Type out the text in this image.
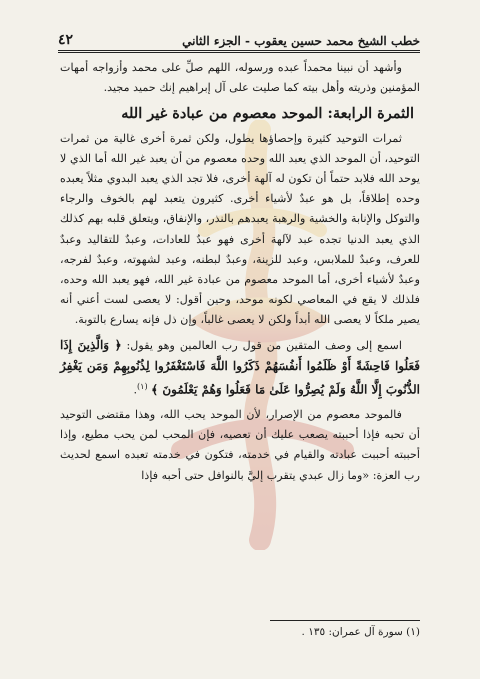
٤٢	خطب الشيخ محمد حسين يعقوب - الجزء الثاني

وأشهد أن نبينا محمداً عبده ورسوله، اللهم صلِّ على محمد وأزواجه أمهات المؤمنين وذريته وأهل بيته كما صليت على آل إبراهيم إنك حميد مجيد.

الثمرة الرابعة: الموحد معصوم من عبادة غير الله

ثمرات التوحيد كثيرة وإحصاؤها يطول، ولكن ثمرة أخرى غالية من ثمرات التوحيد، أن الموحد الذي يعبد الله وحده معصوم من أن يعبد غير الله أما الذي لا يوحد الله فلابد حتماً أن تكون له آلهة أخرى، فلا تجد الذي يعبد البدوي مثلاً يعبده وحده إطلاقاً، بل هو عبدٌ لأشياء أخرى. كثيرون يتعبد لهم بالخوف والرجاء والتوكل والإنابة والخشية والرهبة يعبدهم بالنذر، والإنفاق، ويتعلق قلبه بهم كذلك الذي يعبد الدنيا تجده عبد لآلهة أخرى فهو عبدٌ للعادات، وعبدٌ للتقاليد وعبدٌ للعرف، وعبدٌ للملابس، وعبد للزينة، وعبدٌ لبطنه، وعبد لشهوته، وعبدٌ لفرجه، وعبدٌ لأشياء أخرى، أما الموحد معصوم من عبادة غير الله، فهو يعبد الله وحده، فلذلك لا يقع في المعاصي لكونه موحد، وحين أقول: لا يعصى لست أعني أنه يصير ملكاً لا يعصى الله أبداً ولكن لا يعصى غالباً، وإن ذل فإنه يسارع بالتوبة.

اسمع إلى وصف المتقين من قول رب العالمين وهو يقول: ﴿ وَالَّذِينَ إِذَا فَعَلُوا فَاحِشَةً أَوْ ظَلَمُوا أَنفُسَهُمْ ذَكَرُوا اللَّهَ فَاسْتَغْفَرُوا لِذُنُوبِهِمْ وَمَن يَغْفِرُ الذُّنُوبَ إِلَّا اللَّهُ وَلَمْ يُصِرُّوا عَلَىٰ مَا فَعَلُوا وَهُمْ يَعْلَمُونَ ﴾ $^{(١)}$.

فالموحد معصوم من الإصرار، لأن الموحد يحب الله، وهذا مقتضى التوحيد أن تحبه فإذا أحببته يصعب عليك أن تعصيه، فإن المحب لمن يحب مطيع، وإذا أحببته أحببت عبادته والقيام في خدمته، فتكون في خدمته تعبده اسمع لحديث رب العزة: «وما زال عبدي يتقرب إليَّ بالنوافل حتى أحبه فإذا

(١) سورة آل عمران: ١٣٥ .
